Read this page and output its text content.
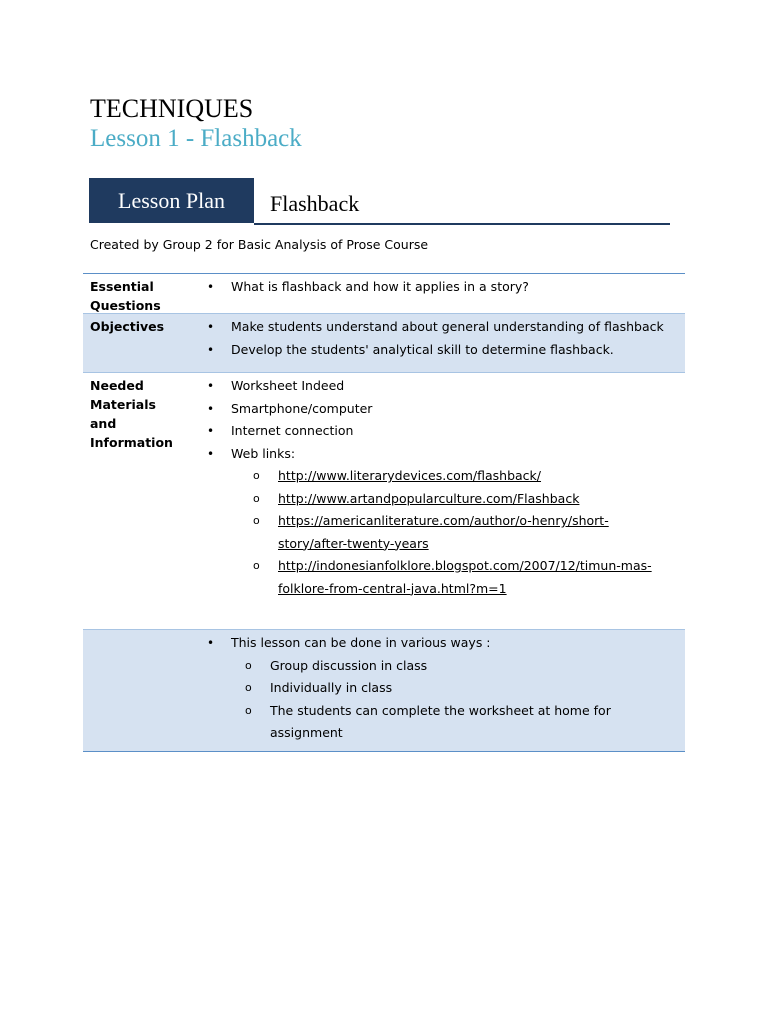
TECHNIQUES
Lesson 1 - Flashback
Lesson Plan	Flashback
Created by Group 2 for Basic Analysis of Prose Course
Essential
Questions
• What is flashback and how it applies in a story?
Objectives	• Make students understand about general understanding of flashback
• Develop the students' analytical skill to determine flashback.
Needed
Materials
and
Information
• Worksheet Indeed
• Smartphone/computer
• Internet connection
• Web links:
o http://www.literarydevices.com/flashback/
o http://www.artandpopularculture.com/Flashback
o https://americanliterature.com/author/o-henry/short-
story/after-twenty-years
o http://indonesianfolklore.blogspot.com/2007/12/timun-mas-
folklore-from-central-java.html?m=1
• This lesson can be done in various ways :
o Group discussion in class
o Individually in class
o The students can complete the worksheet at home for
assignment
